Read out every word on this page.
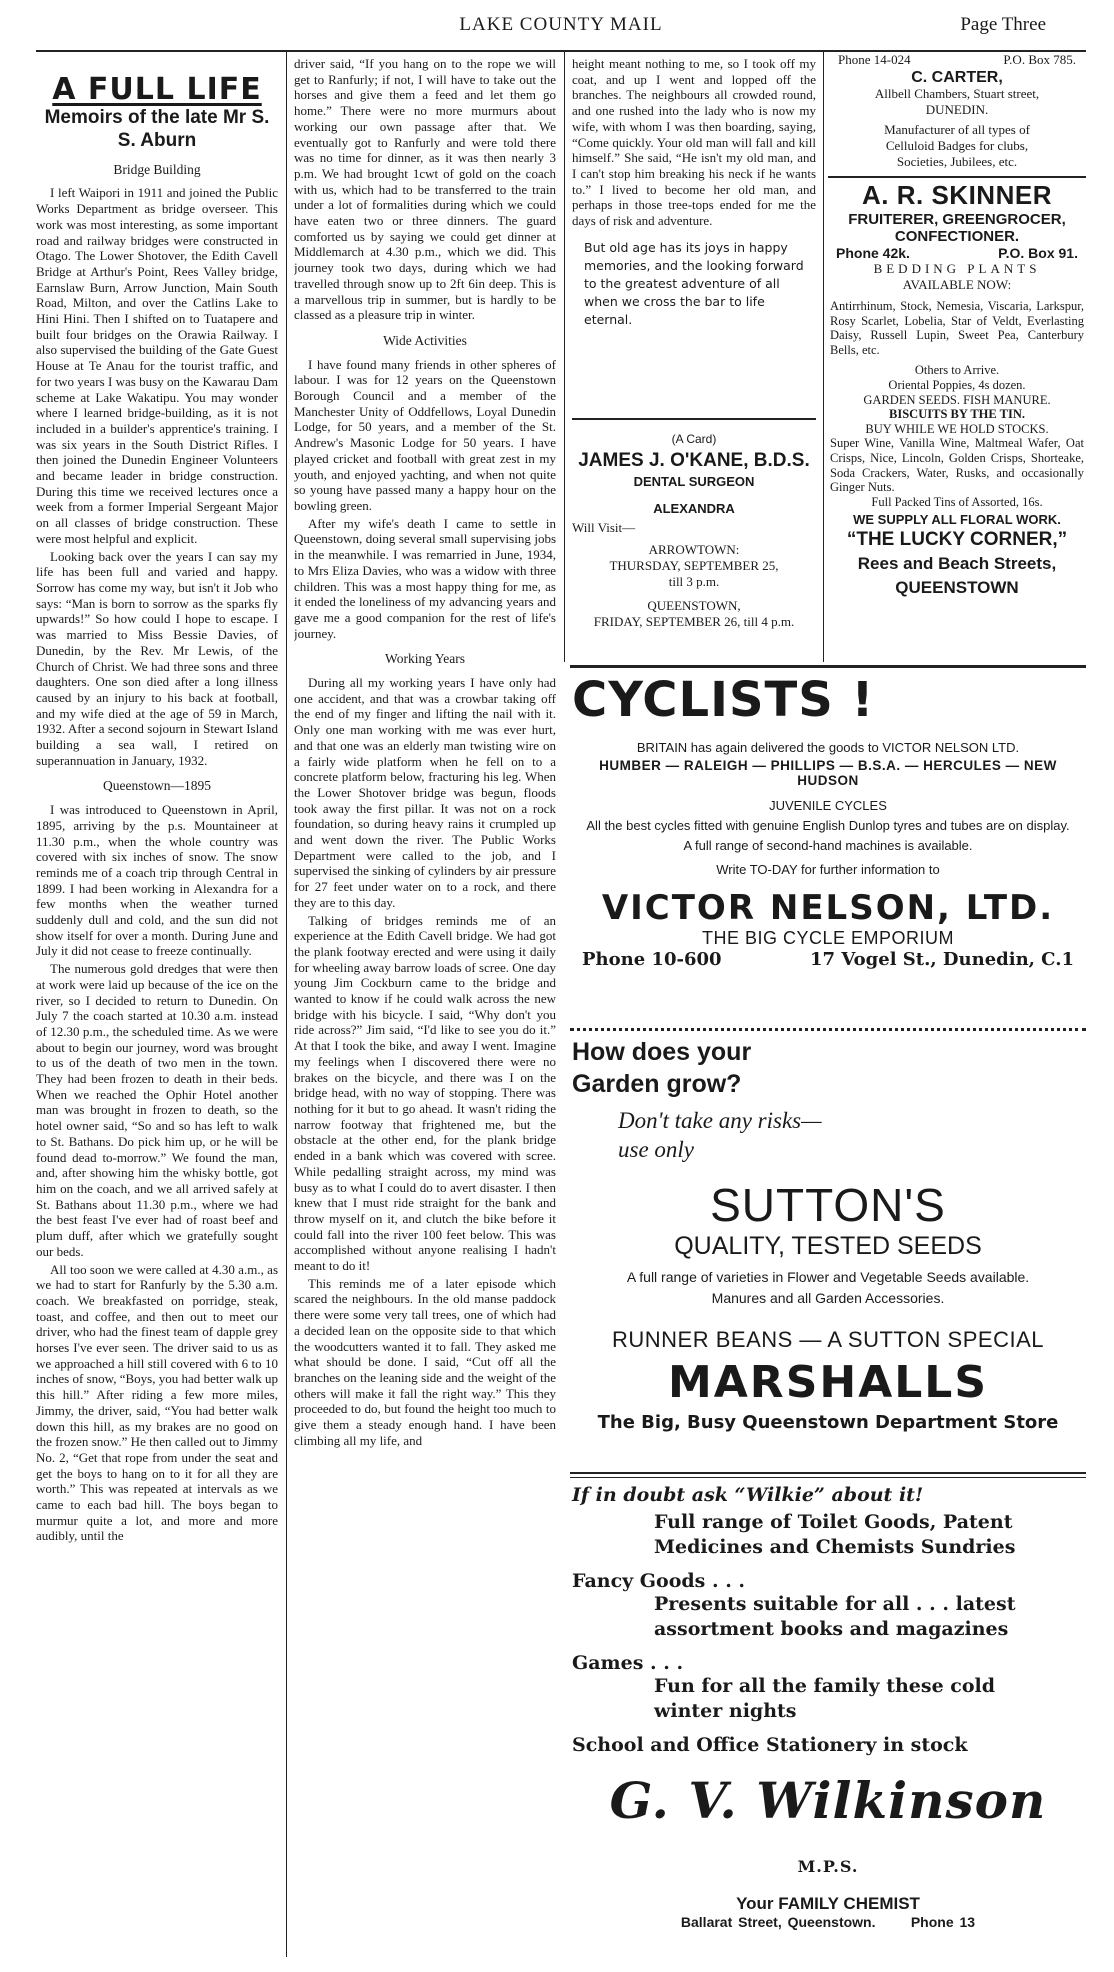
LAKE COUNTY MAIL	Page Three
A FULL LIFE
Memoirs of the late Mr S. S. Aburn
Bridge Building

I left Waipori in 1911 and joined the Public Works Department as bridge overseer. This work was most interesting, as some important road and railway bridges were constructed in Otago. The Lower Shotover, the Edith Cavell Bridge at Arthur's Point, Rees Valley bridge, Earnslaw Burn, Arrow Junction, Main South Road, Milton, and over the Catlins Lake to Hini Hini. Then I shifted on to Tuatapere and built four bridges on the Orawia Railway. I also supervised the building of the Gate Guest House at Te Anau for the tourist traffic, and for two years I was busy on the Kawarau Dam scheme at Lake Wakatipu. You may wonder where I learned bridge-building, as it is not included in a builder's apprentice's training. I was six years in the South District Rifles. I then joined the Dunedin Engineer Volunteers and became leader in bridge construction. During this time we received lectures once a week from a former Imperial Sergeant Major on all classes of bridge construction. These were most helpful and explicit.

Looking back over the years I can say my life has been full and varied and happy. Sorrow has come my way, but isn't it Job who says: “Man is born to sorrow as the sparks fly upwards!” So how could I hope to escape. I was married to Miss Bessie Davies, of Dunedin, by the Rev. Mr Lewis, of the Church of Christ. We had three sons and three daughters. One son died after a long illness caused by an injury to his back at football, and my wife died at the age of 59 in March, 1932. After a second sojourn in Stewart Island building a sea wall, I retired on superannuation in January, 1932.

Queenstown—1895

I was introduced to Queenstown in April, 1895, arriving by the p.s. Mountaineer at 11.30 p.m., when the whole country was covered with six inches of snow. The snow reminds me of a coach trip through Central in 1899. I had been working in Alexandra for a few months when the weather turned suddenly dull and cold, and the sun did not show itself for over a month. During June and July it did not cease to freeze continually.

The numerous gold dredges that were then at work were laid up because of the ice on the river, so I decided to return to Dunedin. On July 7 the coach started at 10.30 a.m. instead of 12.30 p.m., the scheduled time. As we were about to begin our journey, word was brought to us of the death of two men in the town. They had been frozen to death in their beds. When we reached the Ophir Hotel another man was brought in frozen to death, so the hotel owner said, “So and so has left to walk to St. Bathans. Do pick him up, or he will be found dead to-morrow.” We found the man, and, after showing him the whisky bottle, got him on the coach, and we all arrived safely at St. Bathans about 11.30 p.m., where we had the best feast I've ever had of roast beef and plum duff, after which we gratefully sought our beds.

All too soon we were called at 4.30 a.m., as we had to start for Ranfurly by the 5.30 a.m. coach. We breakfasted on porridge, steak, toast, and coffee, and then out to meet our driver, who had the finest team of dapple grey horses I've ever seen. The driver said to us as we approached a hill still covered with 6 to 10 inches of snow, “Boys, you had better walk up this hill.” After riding a few more miles, Jimmy, the driver, said, “You had better walk down this hill, as my brakes are no good on the frozen snow.” He then called out to Jimmy No. 2, “Get that rope from under the seat and get the boys to hang on to it for all they are worth.” This was repeated at intervals as we came to each bad hill. The boys began to murmur quite a lot, and more and more audibly, until the

driver said, “If you hang on to the rope we will get to Ranfurly; if not, I will have to take out the horses and give them a feed and let them go home.” There were no more murmurs about working our own passage after that. We eventually got to Ranfurly and were told there was no time for dinner, as it was then nearly 3 p.m. We had brought 1cwt of gold on the coach with us, which had to be transferred to the train under a lot of formalities during which we could have eaten two or three dinners. The guard comforted us by saying we could get dinner at Middlemarch at 4.30 p.m., which we did. This journey took two days, during which we had travelled through snow up to 2ft 6in deep. This is a marvellous trip in summer, but is hardly to be classed as a pleasure trip in winter.

Wide Activities

I have found many friends in other spheres of labour. I was for 12 years on the Queenstown Borough Council and a member of the Manchester Unity of Oddfellows, Loyal Dunedin Lodge, for 50 years, and a member of the St. Andrew's Masonic Lodge for 50 years. I have played cricket and football with great zest in my youth, and enjoyed yachting, and when not quite so young have passed many a happy hour on the bowling green.

After my wife's death I came to settle in Queenstown, doing several small supervising jobs in the meanwhile. I was remarried in June, 1934, to Mrs Eliza Davies, who was a widow with three children. This was a most happy thing for me, as it ended the loneliness of my advancing years and gave me a good companion for the rest of life's journey.

Working Years

During all my working years I have only had one accident, and that was a crowbar taking off the end of my finger and lifting the nail with it. Only one man working with me was ever hurt, and that one was an elderly man twisting wire on a fairly wide platform when he fell on to a concrete platform below, fracturing his leg. When the Lower Shotover bridge was begun, floods took away the first pillar. It was not on a rock foundation, so during heavy rains it crumpled up and went down the river. The Public Works Department were called to the job, and I supervised the sinking of cylinders by air pressure for 27 feet under water on to a rock, and there they are to this day.

Talking of bridges reminds me of an experience at the Edith Cavell bridge. We had got the plank footway erected and were using it daily for wheeling away barrow loads of scree. One day young Jim Cockburn came to the bridge and wanted to know if he could walk across the new bridge with his bicycle. I said, “Why don't you ride across?” Jim said, “I'd like to see you do it.” At that I took the bike, and away I went. Imagine my feelings when I discovered there were no brakes on the bicycle, and there was I on the bridge head, with no way of stopping. There was nothing for it but to go ahead. It wasn't riding the narrow footway that frightened me, but the obstacle at the other end, for the plank bridge ended in a bank which was covered with scree. While pedalling straight across, my mind was busy as to what I could do to avert disaster. I then knew that I must ride straight for the bank and throw myself on it, and clutch the bike before it could fall into the river 100 feet below. This was accomplished without anyone realising I hadn't meant to do it!

This reminds me of a later episode which scared the neighbours. In the old manse paddock there were some very tall trees, one of which had a decided lean on the opposite side to that which the woodcutters wanted it to fall. They asked me what should be done. I said, “Cut off all the branches on the leaning side and the weight of the others will make it fall the right way.” This they proceeded to do, but found the height too much to give them a steady enough hand. I have been climbing all my life, and

height meant nothing to me, so I took off my coat, and up I went and lopped off the branches. The neighbours all crowded round, and one rushed into the lady who is now my wife, with whom I was then boarding, saying, “Come quickly. Your old man will fall and kill himself.” She said, “He isn't my old man, and I can't stop him breaking his neck if he wants to.” I lived to become her old man, and perhaps in those tree-tops ended for me the days of risk and adventure.

But old age has its joys in happy memories, and the looking forward to the greatest adventure of all when we cross the bar to life eternal.
(A Card)
JAMES J. O'KANE, B.D.S.
DENTAL SURGEON
ALEXANDRA
Will Visit—
ARROWTOWN:
THURSDAY, SEPTEMBER 25,
till 3 p.m.
QUEENSTOWN,
FRIDAY, SEPTEMBER 26, till 4 p.m.
Phone 14-024	P.O. Box 785.
C. CARTER,
Allbell Chambers, Stuart street,
DUNEDIN.
Manufacturer of all types of
Celluloid Badges for clubs,
Societies, Jubilees, etc.
A. R. SKINNER
FRUITERER, GREENGROCER,
CONFECTIONER.
Phone 42k.	P.O. Box 91.
BEDDING PLANTS
AVAILABLE NOW:
Antirrhinum, Stock, Nemesia, Viscaria, Larkspur, Rosy Scarlet, Lobelia, Star of Veldt, Everlasting Daisy, Russell Lupin, Sweet Pea, Canterbury Bells, etc.
Others to Arrive.
Oriental Poppies, 4s dozen.
GARDEN SEEDS. FISH MANURE.
BISCUITS BY THE TIN.
BUY WHILE WE HOLD STOCKS.
Super Wine, Vanilla Wine, Maltmeal Wafer, Oat Crisps, Nice, Lincoln, Golden Crisps, Shorteake, Soda Crackers, Water, Rusks, and occasionally Ginger Nuts.
Full Packed Tins of Assorted, 16s.
WE SUPPLY ALL FLORAL WORK.
“THE LUCKY CORNER,”
Rees and Beach Streets,
QUEENSTOWN
CYCLISTS !
BRITAIN has again delivered the goods to VICTOR NELSON LTD.
HUMBER — RALEIGH — PHILLIPS — B.S.A. — HERCULES — NEW HUDSON
JUVENILE CYCLES
All the best cycles fitted with genuine English Dunlop tyres and tubes are on display.
A full range of second-hand machines is available.
Write TO-DAY for further information to
VICTOR NELSON, LTD.
THE BIG CYCLE EMPORIUM
Phone 10-600	17 Vogel St., Dunedin, C.1
How does your
Garden grow?
Don't take any risks—
use only
SUTTON'S
QUALITY, TESTED SEEDS
A full range of varieties in Flower and Vegetable Seeds available.
Manures and all Garden Accessories.
RUNNER BEANS — A SUTTON SPECIAL
MARSHALLS
The Big, Busy Queenstown Department Store
If in doubt ask “Wilkie” about it!
Full range of Toilet Goods, Patent
Medicines and Chemists Sundries
Fancy Goods . . .
Presents suitable for all . . . latest
assortment books and magazines
Games . . .
Fun for all the family these cold
winter nights
School and Office Stationery in stock
G. V. Wilkinson M.P.S.
Your FAMILY CHEMIST
Ballarat Street, Queenstown.	Phone 13
